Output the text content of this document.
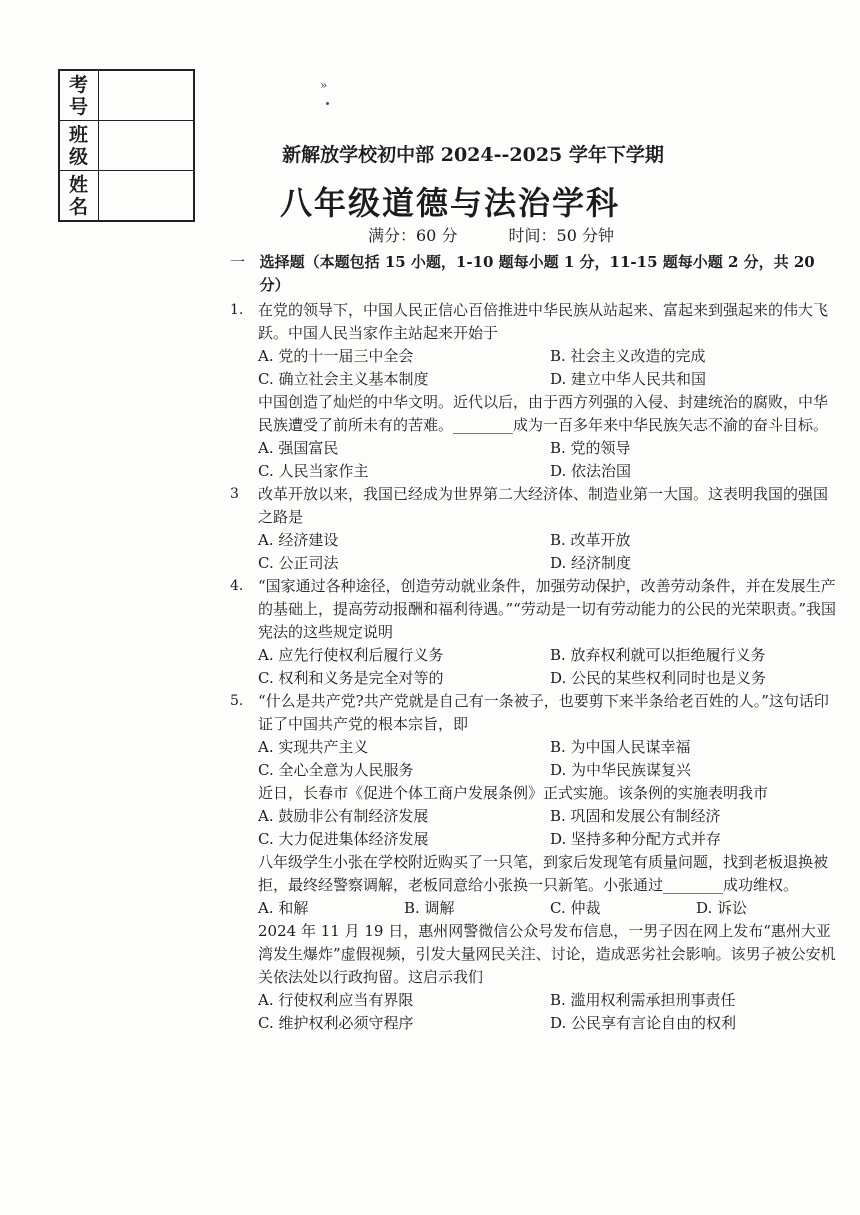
考号	
班级	
姓名	
»
新解放学校初中部 2024--2025 学年下学期
八年级道德与法治学科
满分：60 分	时间：50 分钟
一 选择题（本题包括 15 小题，1-10 题每小题 1 分，11-15 题每小题 2 分，共 20 分）
1. 在党的领导下，中国人民正信心百倍推进中华民族从站起来、富起来到强起来的伟大飞跃。中国人民当家作主站起来开始于
A. 党的十一届三中全会	B. 社会主义改造的完成
C. 确立社会主义基本制度	D. 建立中华人民共和国
中国创造了灿烂的中华文明。近代以后，由于西方列强的入侵、封建统治的腐败，中华民族遭受了前所未有的苦难。________成为一百多年来中华民族矢志不渝的奋斗目标。
A. 强国富民	B. 党的领导
C. 人民当家作主	D. 依法治国
3	改革开放以来，我国已经成为世界第二大经济体、制造业第一大国。这表明我国的强国之路是
A. 经济建设	B. 改革开放
C. 公正司法	D. 经济制度
4. “国家通过各种途径，创造劳动就业条件，加强劳动保护，改善劳动条件，并在发展生产的基础上，提高劳动报酬和福利待遇。”“劳动是一切有劳动能力的公民的光荣职责。”我国宪法的这些规定说明
A. 应先行使权利后履行义务	B. 放弃权利就可以拒绝履行义务
C. 权利和义务是完全对等的	D. 公民的某些权利同时也是义务
5. “什么是共产党?共产党就是自己有一条被子，也要剪下来半条给老百姓的人。”这句话印证了中国共产党的根本宗旨，即
A. 实现共产主义	B. 为中国人民谋幸福
C. 全心全意为人民服务	D. 为中华民族谋复兴
近日，长春市《促进个体工商户发展条例》正式实施。该条例的实施表明我市
A. 鼓励非公有制经济发展	B. 巩固和发展公有制经济
C. 大力促进集体经济发展	D. 坚持多种分配方式并存
八年级学生小张在学校附近购买了一只笔，到家后发现笔有质量问题，找到老板退换被拒，最终经警察调解，老板同意给小张换一只新笔。小张通过________成功维权。
A. 和解	B. 调解	C. 仲裁	D. 诉讼
2024 年 11 月 19 日，惠州网警微信公众号发布信息，一男子因在网上发布“惠州大亚湾发生爆炸”虚假视频，引发大量网民关注、讨论，造成恶劣社会影响。该男子被公安机关依法处以行政拘留。这启示我们
A. 行使权利应当有界限	B. 滥用权利需承担刑事责任
C. 维护权利必须守程序	D. 公民享有言论自由的权利
